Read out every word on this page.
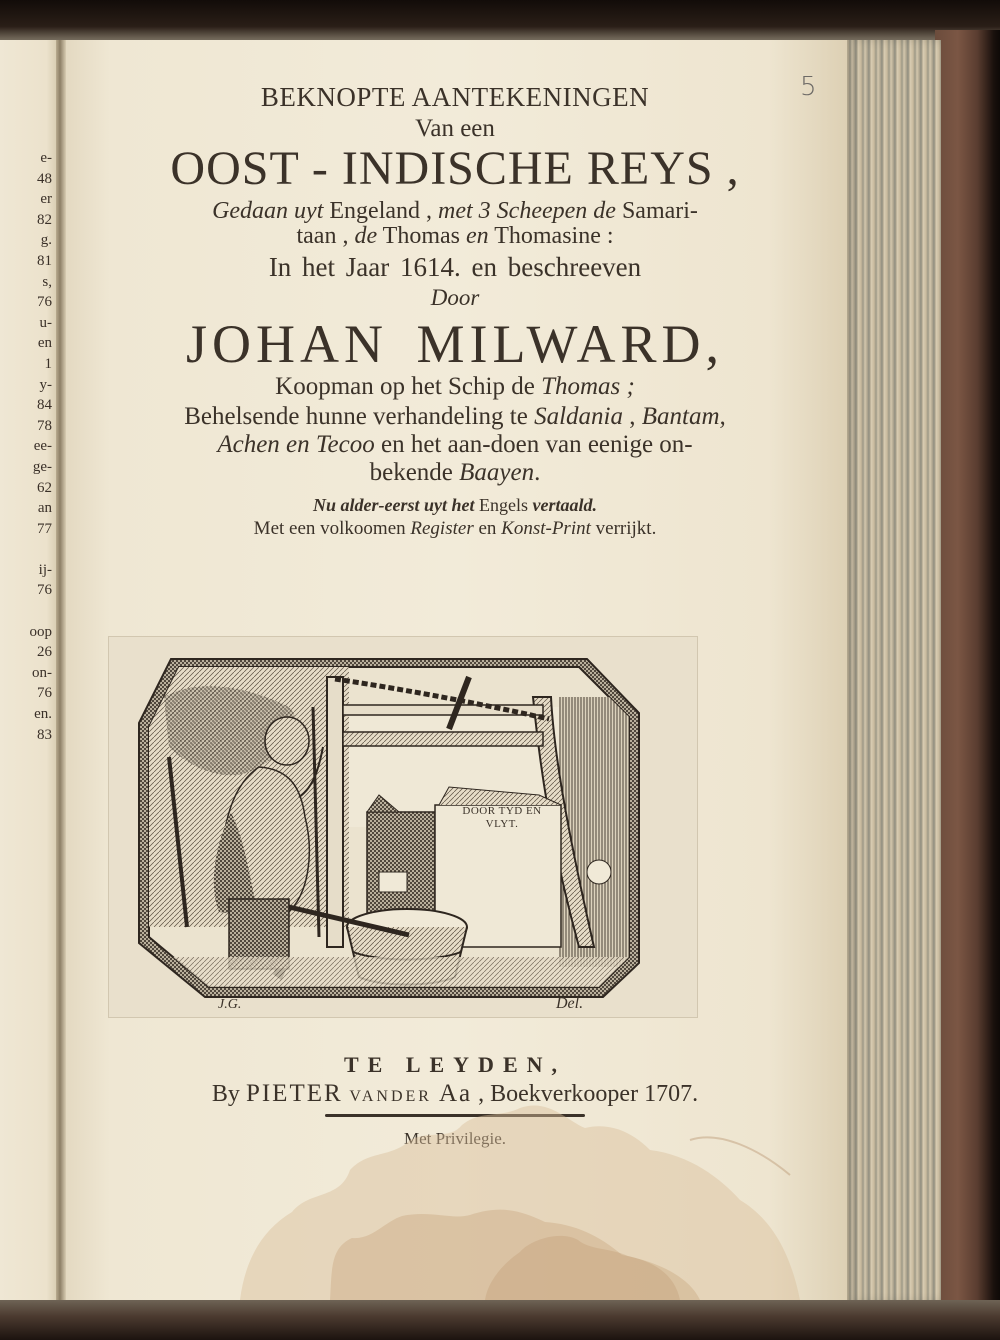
e-
48
er
82
g.
81
s,
76
u-
en
1
y-
84
78
ee-
ge-
62
an
77
ij-
76
oop
26
on-
76
en.
83
5
BEKNOPTE AANTEKENINGEN
Van een
OOST - INDISCHE REYS ,
Gedaan uyt Engeland , met 3 Scheepen de Samari-
taan , de Thomas en Thomasine :
In het Jaar 1614. en beschreeven
Door
JOHAN MILWARD,
Koopman op het Schip de Thomas ;
Behelsende hunne verhandeling te Saldania , Bantam,
Achen en Tecoo en het aan-doen van eenige on-
bekende Baayen.
Nu alder-eerst uyt het Engels vertaald.
Met een volkoomen Register en Konst-Print verrijkt.
DOOR TYD EN
VLYT.
J.G.	Del.
TE LEYDEN,
By PIETER VANDER Aa , Boekverkooper 1707.
Met Privilegie.
